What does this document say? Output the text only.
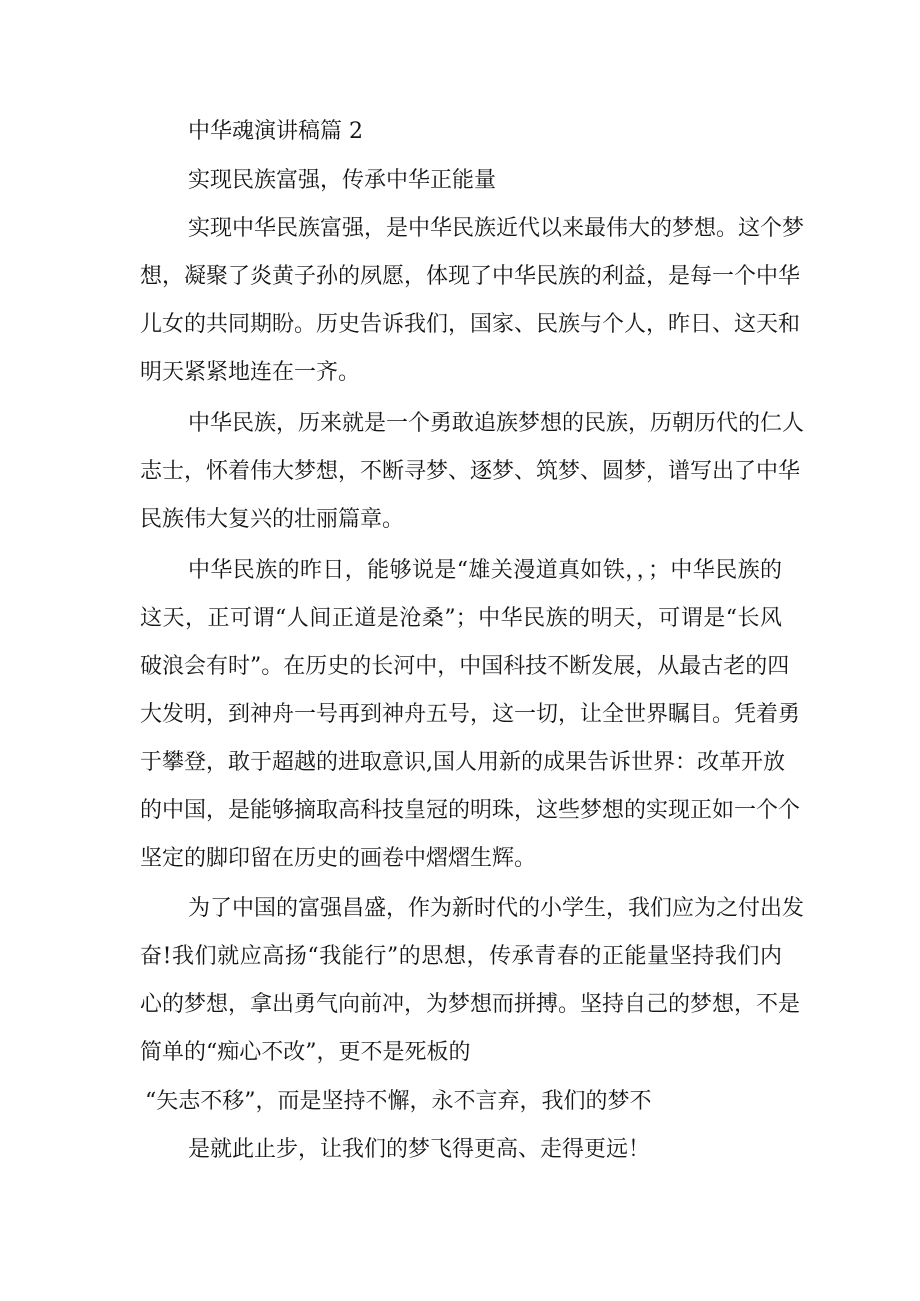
中华魂演讲稿篇 2

实现民族富强，传承中华正能量

实现中华民族富强，是中华民族近代以来最伟大的梦想。这个梦

想，凝聚了炎黄子孙的夙愿，体现了中华民族的利益，是每一个中华

儿女的共同期盼。历史告诉我们，国家、民族与个人，昨日、这天和

明天紧紧地连在一齐。

中华民族，历来就是一个勇敢追族梦想的民族，历朝历代的仁人

志士，怀着伟大梦想，不断寻梦、逐梦、筑梦、圆梦，谱写出了中华

民族伟大复兴的壮丽篇章。

中华民族的昨日，能够说是“雄关漫道真如铁，，；中华民族的

这天，正可谓“人间正道是沧桑”；中华民族的明天，可谓是“长风

破浪会有时”。在历史的长河中，中国科技不断发展，从最古老的四

大发明，到神舟一号再到神舟五号，这一切，让全世界瞩目。凭着勇

于攀登，敢于超越的进取意识,国人用新的成果告诉世界：改革开放

的中国，是能够摘取高科技皇冠的明珠，这些梦想的实现正如一个个

坚定的脚印留在历史的画卷中熠熠生辉。

为了中国的富强昌盛，作为新时代的小学生，我们应为之付出发

奋!我们就应高扬“我能行”的思想，传承青春的正能量坚持我们内

心的梦想，拿出勇气向前冲，为梦想而拼搏。坚持自己的梦想，不是

简单的“痴心不改”，更不是死板的

“矢志不移”，而是坚持不懈，永不言弃，我们的梦不

是就此止步，让我们的梦飞得更高、走得更远！
